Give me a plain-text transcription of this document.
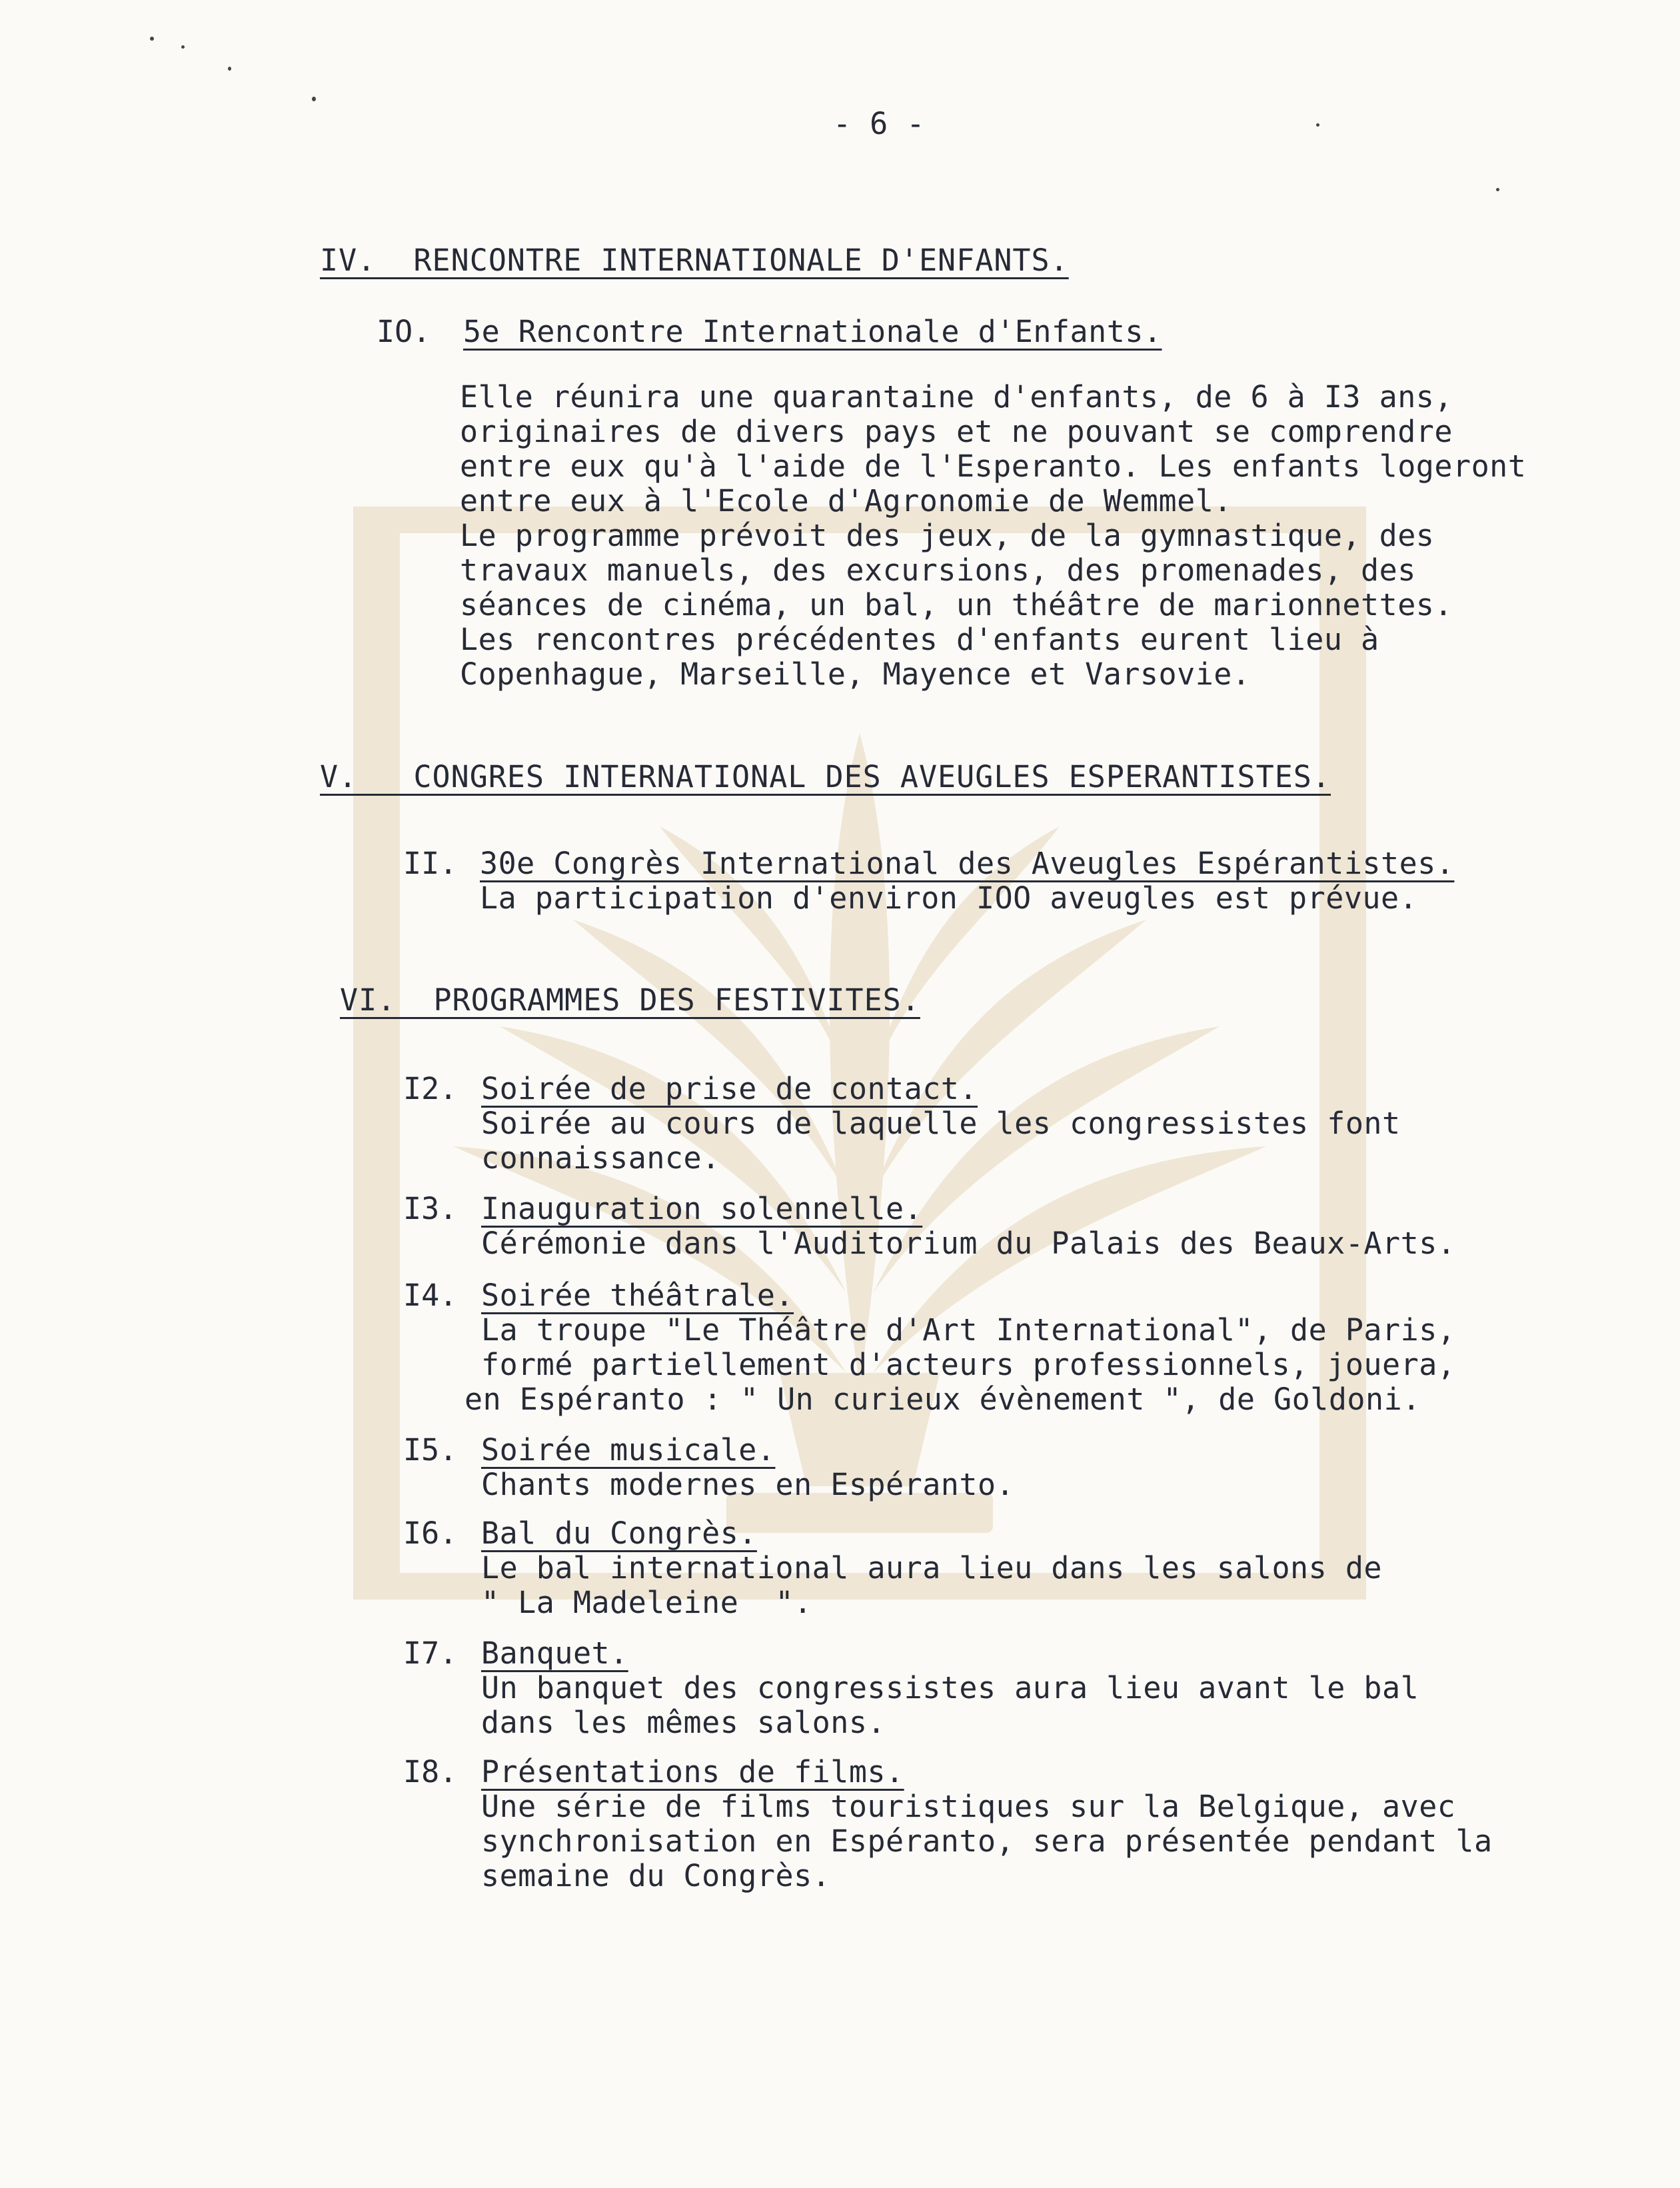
- 6 -
IV.  RENCONTRE INTERNATIONALE D'ENFANTS.
IO. 5e Rencontre Internationale d'Enfants.
Elle réunira une quarantaine d'enfants, de 6 à I3 ans,
originaires de divers pays et ne pouvant se comprendre
entre eux qu'à l'aide de l'Esperanto. Les enfants logeront
entre eux à l'Ecole d'Agronomie de Wemmel.
Le programme prévoit des jeux, de la gymnastique, des
travaux manuels, des excursions, des promenades, des
séances de cinéma, un bal, un théâtre de marionnettes.
Les rencontres précédentes d'enfants eurent lieu à
Copenhague, Marseille, Mayence et Varsovie.
V.   CONGRES INTERNATIONAL DES AVEUGLES ESPERANTISTES.
II. 30e Congrès International des Aveugles Espérantistes.
La participation d'environ IOO aveugles est prévue.
VI.  PROGRAMMES DES FESTIVITES.
I2. Soirée de prise de contact.
Soirée au cours de laquelle les congressistes font
connaissance.
I3. Inauguration solennelle.
Cérémonie dans l'Auditorium du Palais des Beaux-Arts.
I4. Soirée théâtrale.
La troupe "Le Théâtre d'Art International", de Paris,
formé partiellement d'acteurs professionnels, jouera,
en Espéranto : " Un curieux évènement ", de Goldoni.
I5. Soirée musicale.
Chants modernes en Espéranto.
I6. Bal du Congrès.
Le bal international aura lieu dans les salons de
" La Madeleine  ".
I7. Banquet.
Un banquet des congressistes aura lieu avant le bal
dans les mêmes salons.
I8. Présentations de films.
Une série de films touristiques sur la Belgique, avec
synchronisation en Espéranto, sera présentée pendant la
semaine du Congrès.
